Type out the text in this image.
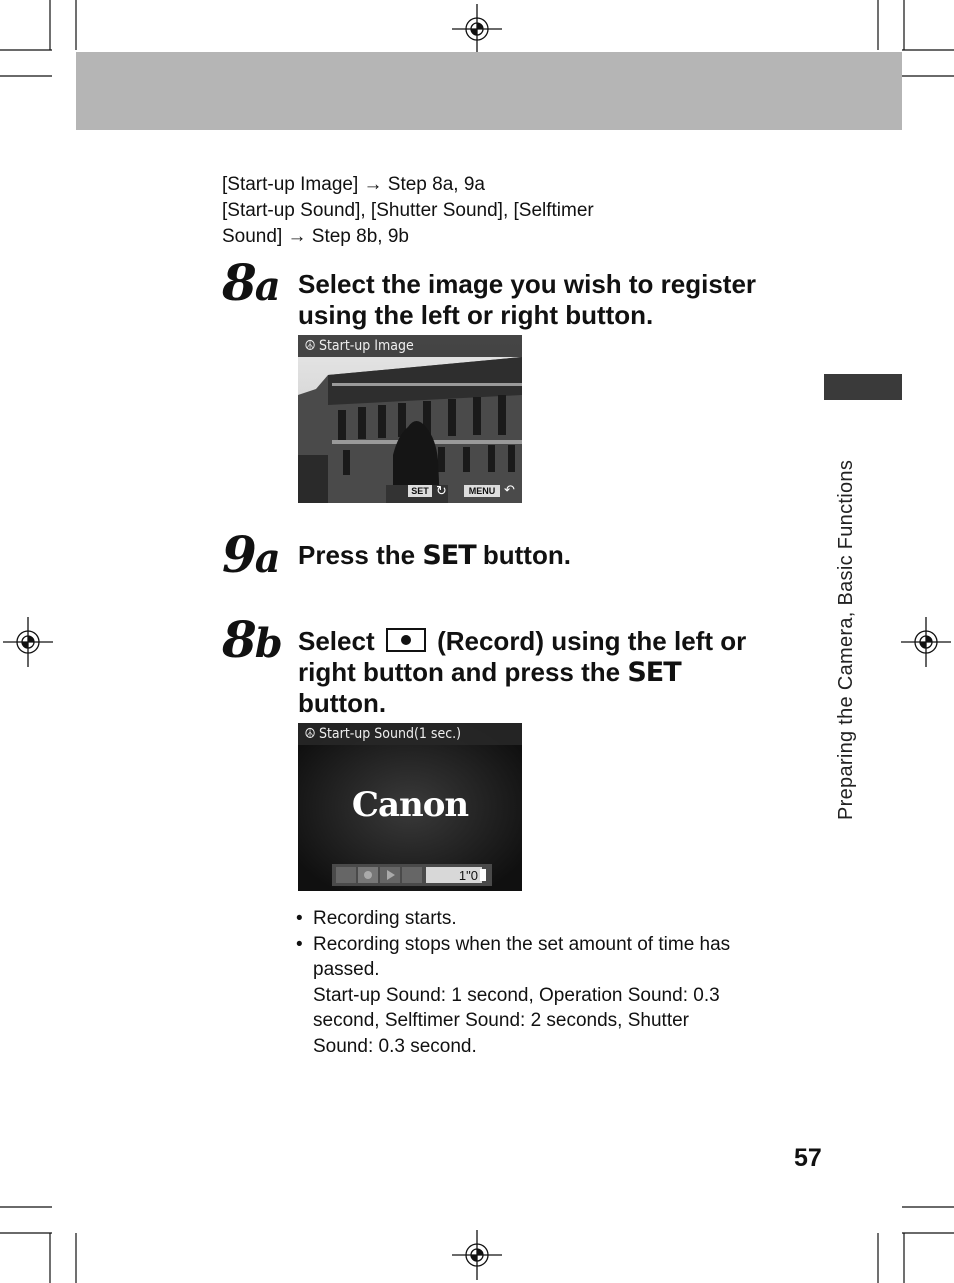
Preparing the Camera, Basic Functions
[Start-up Image] → Step 8a, 9a
[Start-up Sound], [Shutter Sound], [Selftimer
Sound] → Step 8b, 9b
8a Select the image you wish to register
using the left or right button.
☮ Start-up Image
SET ↻	MENU ↶
9a Press the SET button.
8b Select (Record) using the left or
right button and press the SET
button.
☮ Start-up Sound(1 sec.)
Canon
1"0
• Recording starts.
• Recording stops when the set amount of time has
passed.
Start-up Sound: 1 second, Operation Sound: 0.3
second, Selftimer Sound: 2 seconds, Shutter
Sound: 0.3 second.
57
